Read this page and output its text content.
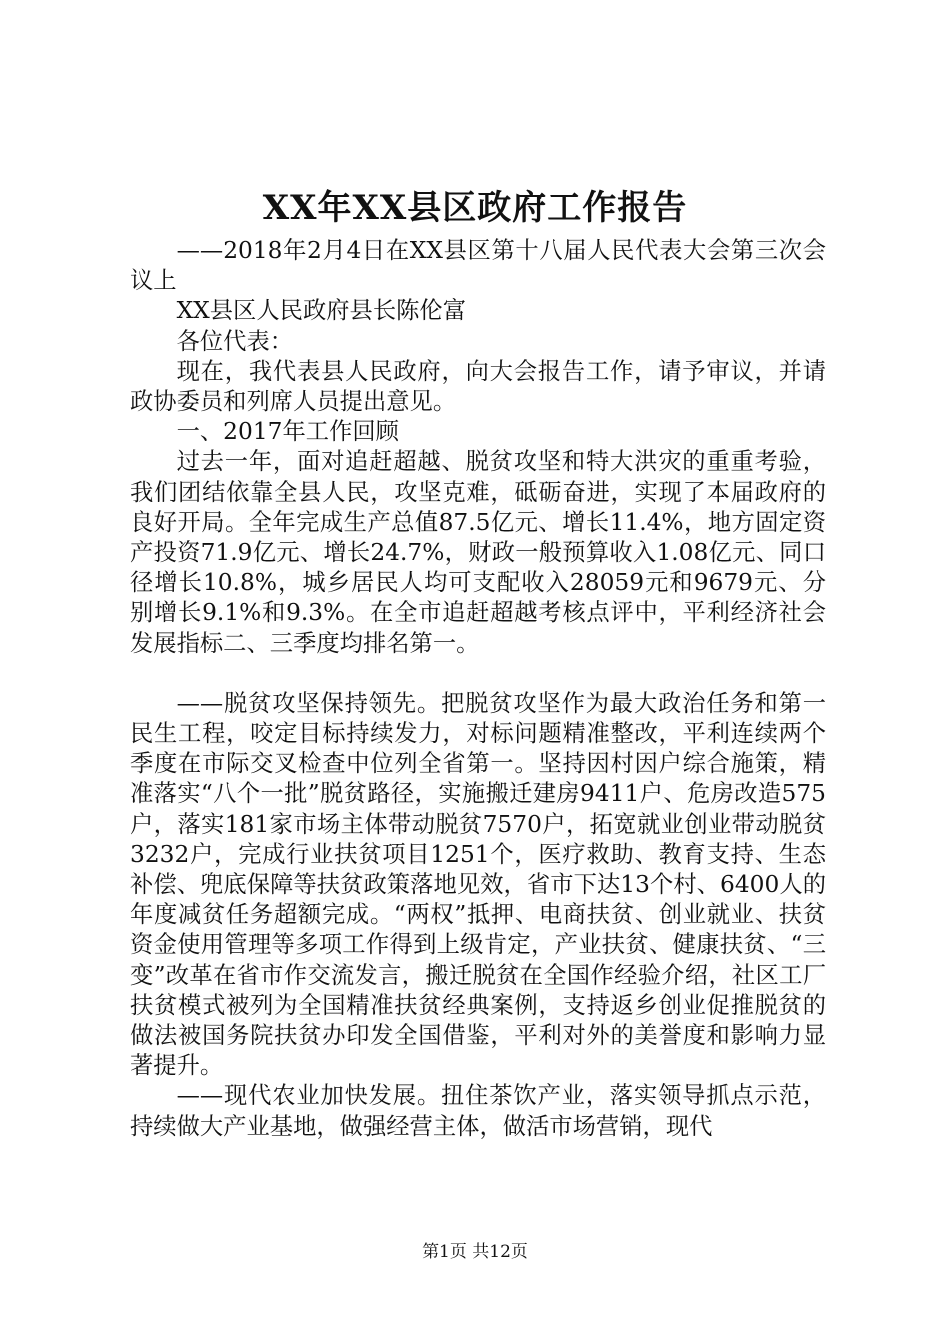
XX年XX县区政府工作报告

——2018年2月4日在XX县区第十八届人民代表大会第三次会议上

XX县区人民政府县长陈伦富

各位代表：

现在，我代表县人民政府，向大会报告工作，请予审议，并请政协委员和列席人员提出意见。

一、2017年工作回顾

过去一年，面对追赶超越、脱贫攻坚和特大洪灾的重重考验，我们团结依靠全县人民，攻坚克难，砥砺奋进，实现了本届政府的良好开局。全年完成生产总值87.5亿元、增长11.4%，地方固定资产投资71.9亿元、增长24.7%，财政一般预算收入1.08亿元、同口径增长10.8%，城乡居民人均可支配收入28059元和9679元、分别增长9.1%和9.3%。在全市追赶超越考核点评中，平利经济社会发展指标二、三季度均排名第一。

——脱贫攻坚保持领先。把脱贫攻坚作为最大政治任务和第一民生工程，咬定目标持续发力，对标问题精准整改，平利连续两个季度在市际交叉检查中位列全省第一。坚持因村因户综合施策，精准落实“八个一批”脱贫路径，实施搬迁建房9411户、危房改造575户，落实181家市场主体带动脱贫7570户，拓宽就业创业带动脱贫3232户，完成行业扶贫项目1251个，医疗救助、教育支持、生态补偿、兜底保障等扶贫政策落地见效，省市下达13个村、6400人的年度减贫任务超额完成。“两权”抵押、电商扶贫、创业就业、扶贫资金使用管理等多项工作得到上级肯定，产业扶贫、健康扶贫、“三变”改革在省市作交流发言，搬迁脱贫在全国作经验介绍，社区工厂扶贫模式被列为全国精准扶贫经典案例，支持返乡创业促推脱贫的做法被国务院扶贫办印发全国借鉴，平利对外的美誉度和影响力显著提升。

——现代农业加快发展。扭住茶饮产业，落实领导抓点示范，持续做大产业基地，做强经营主体，做活市场营销，现代

第1页 共12页
